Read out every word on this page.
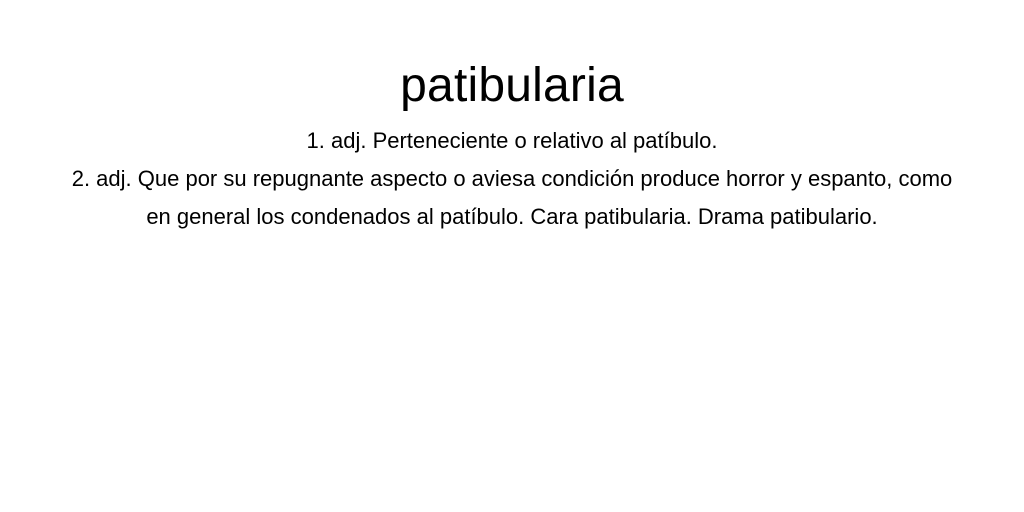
patibularia

1. adj. Perteneciente o relativo al patíbulo.

2. adj. Que por su repugnante aspecto o aviesa condición produce horror y espanto, como en general los condenados al patíbulo. Cara patibularia. Drama patibulario.
